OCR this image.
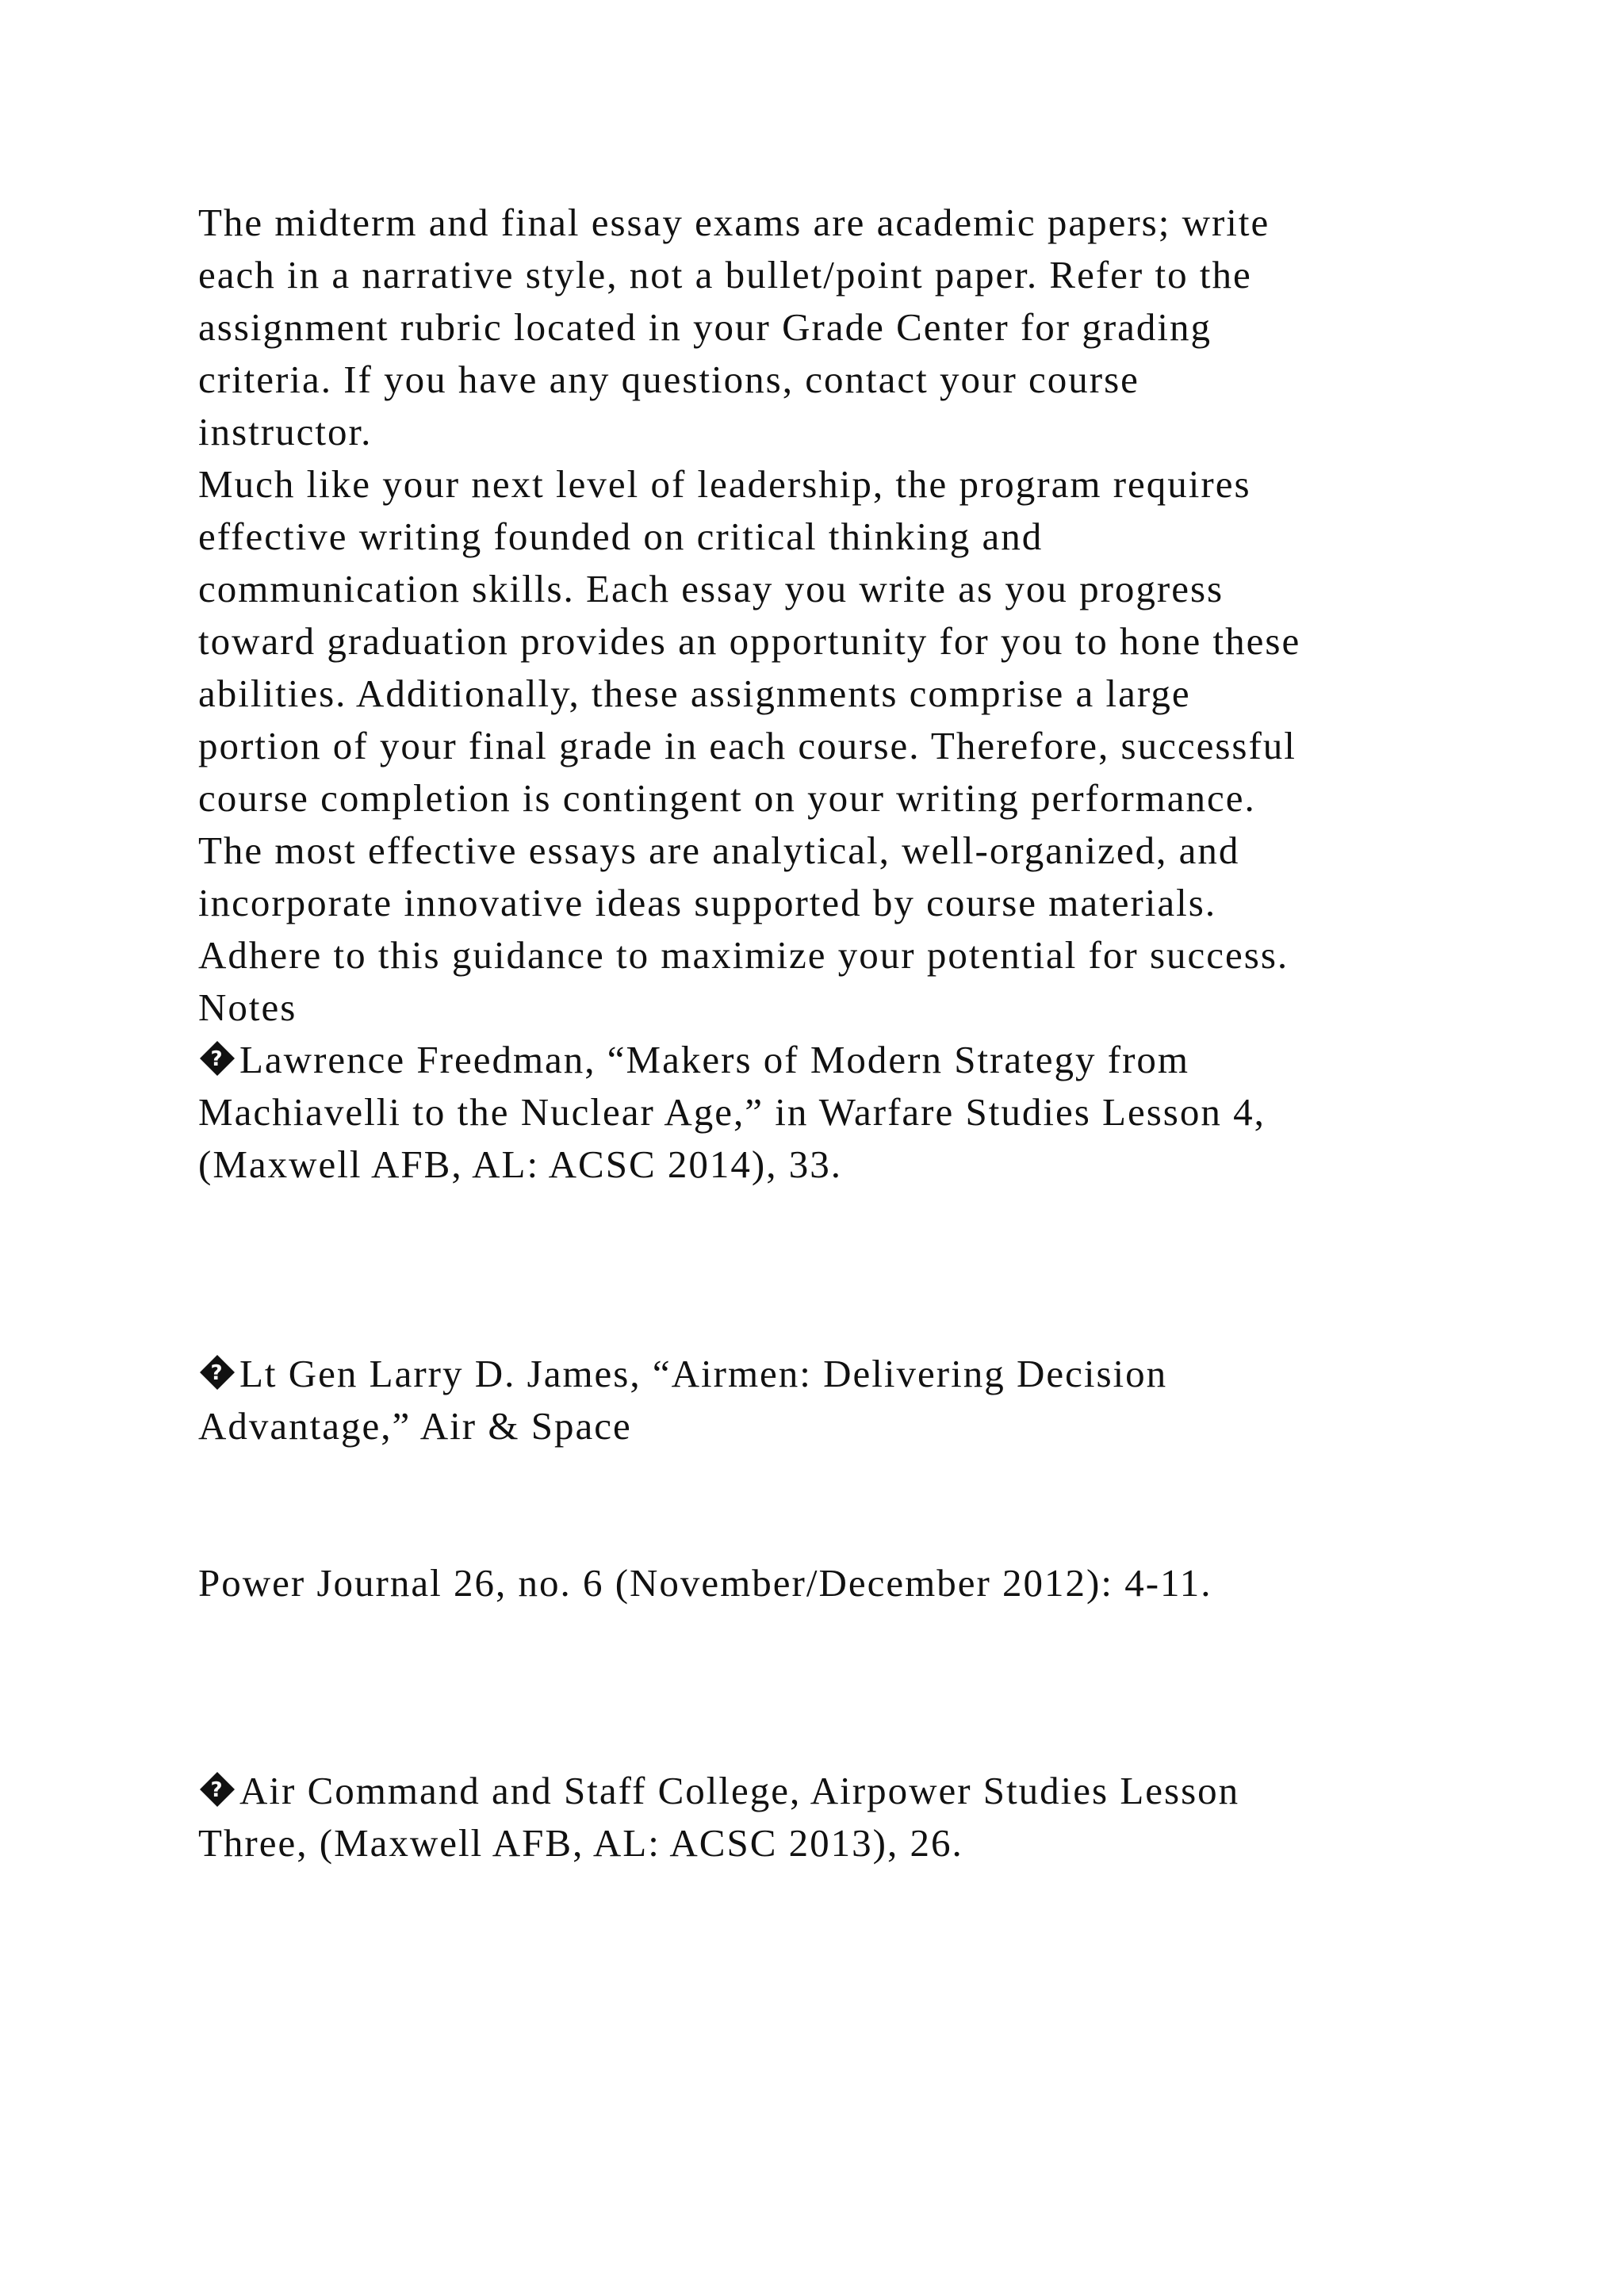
The midterm and final essay exams are academic papers; write
each in a narrative style, not a bullet/point paper. Refer to the
assignment rubric located in your Grade Center for grading
criteria. If you have any questions, contact your course
instructor.
Much like your next level of leadership, the program requires
effective writing founded on critical thinking and
communication skills. Each essay you write as you progress
toward graduation provides an opportunity for you to hone these
abilities. Additionally, these assignments comprise a large
portion of your final grade in each course. Therefore, successful
course completion is contingent on your writing performance.
The most effective essays are analytical, well-organized, and
incorporate innovative ideas supported by course materials.
Adhere to this guidance to maximize your potential for success.
Notes
? Lawrence Freedman, “Makers of Modern Strategy from
Machiavelli to the Nuclear Age,” in Warfare Studies Lesson 4,
(Maxwell AFB, AL: ACSC 2014), 33.
? Lt Gen Larry D. James, “Airmen: Delivering Decision
Advantage,” Air & Space
Power Journal 26, no. 6 (November/December 2012): 4-11.
? Air Command and Staff College, Airpower Studies Lesson
Three, (Maxwell AFB, AL: ACSC 2013), 26.
